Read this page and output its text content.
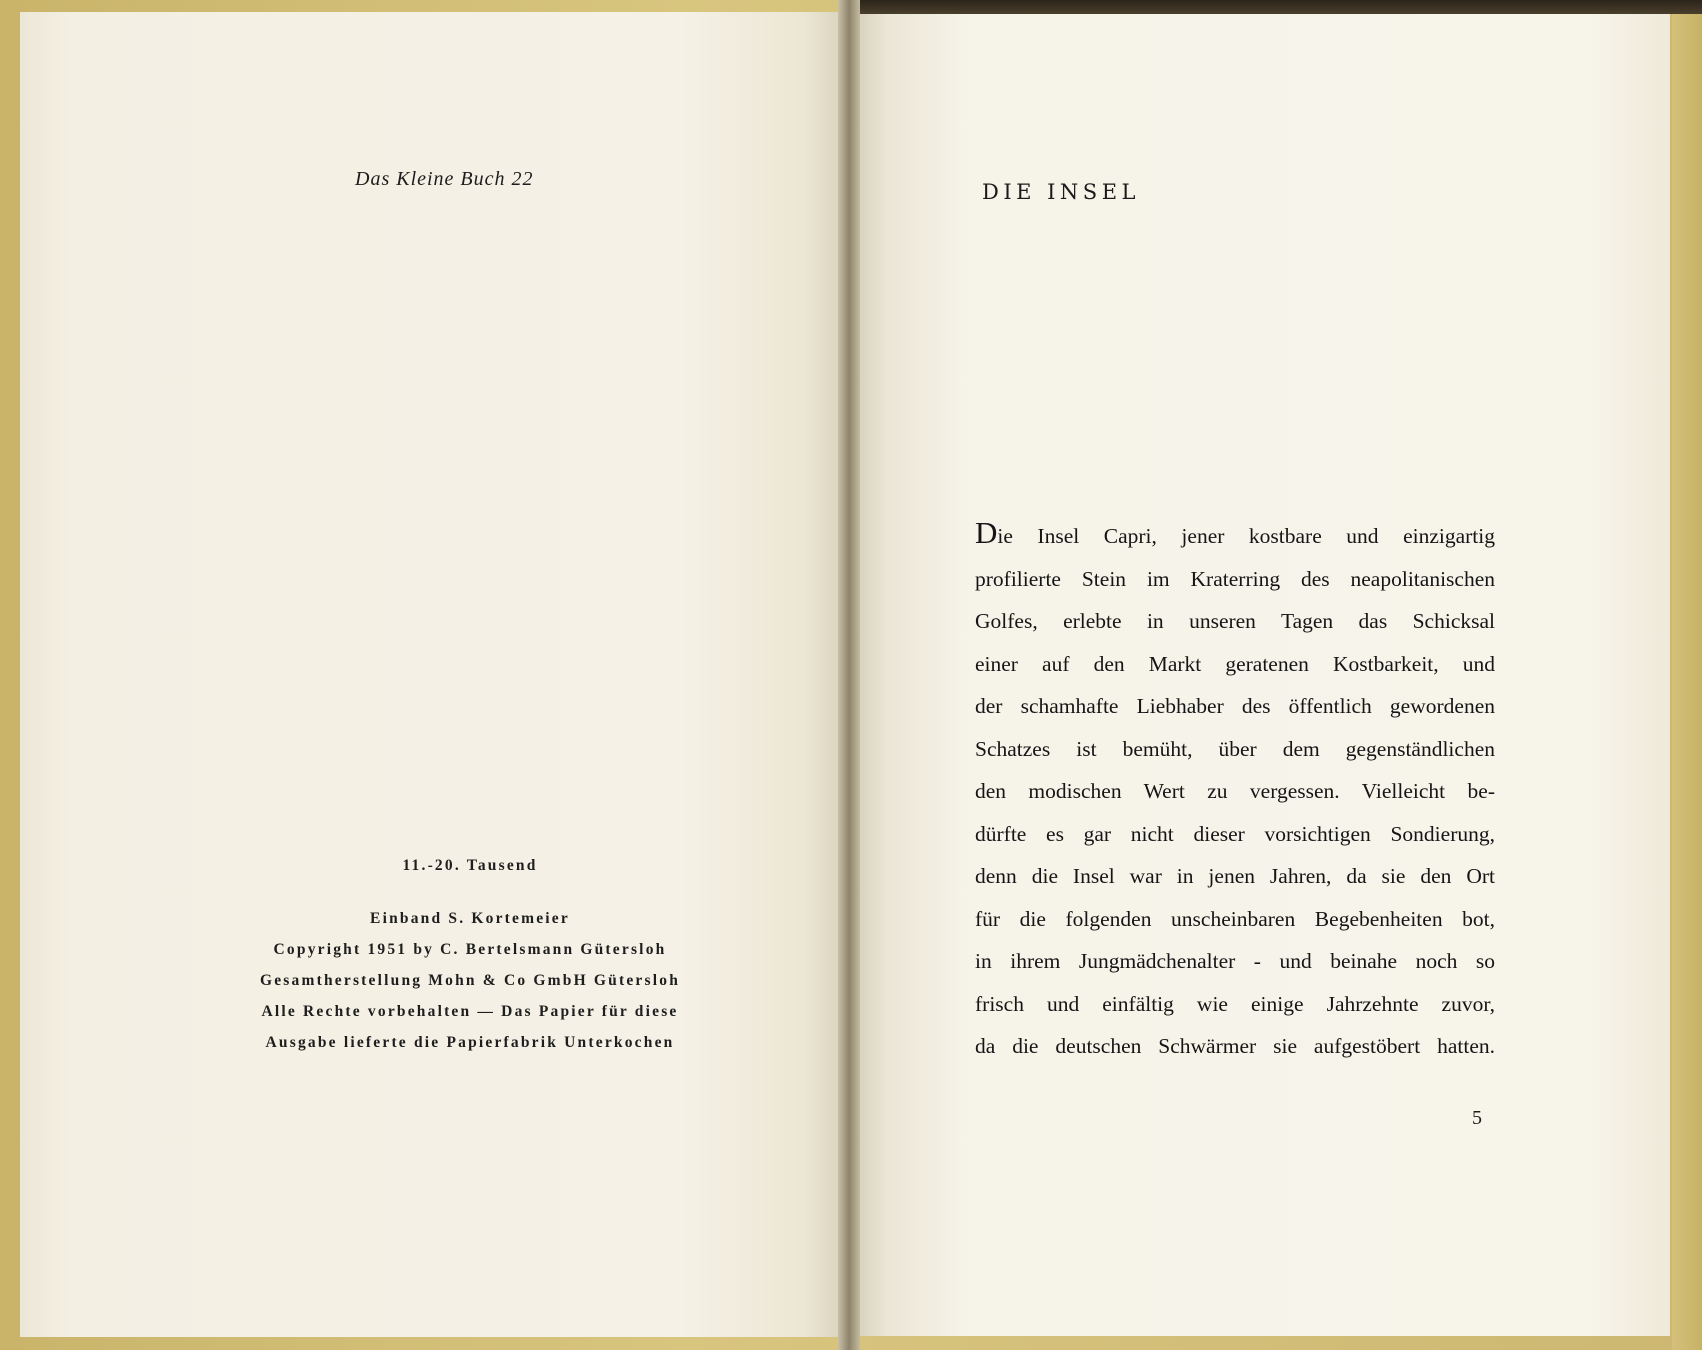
Das Kleine Buch 22
11.-20. Tausend
Einband S. Kortemeier
Copyright 1951 by C. Bertelsmann Gütersloh
Gesamtherstellung Mohn & Co GmbH Gütersloh
Alle Rechte vorbehalten — Das Papier für diese
Ausgabe lieferte die Papierfabrik Unterkochen
DIE INSEL
Die Insel Capri, jener kostbare und einzigartig
profilierte Stein im Kraterring des neapolitanischen
Golfes, erlebte in unseren Tagen das Schicksal
einer auf den Markt geratenen Kostbarkeit, und
der schamhafte Liebhaber des öffentlich gewordenen
Schatzes ist bemüht, über dem gegenständlichen
den modischen Wert zu vergessen. Vielleicht be-
dürfte es gar nicht dieser vorsichtigen Sondierung,
denn die Insel war in jenen Jahren, da sie den Ort
für die folgenden unscheinbaren Begebenheiten bot,
in ihrem Jungmädchenalter - und beinahe noch so
frisch und einfältig wie einige Jahrzehnte zuvor,
da die deutschen Schwärmer sie aufgestöbert hatten.
5
